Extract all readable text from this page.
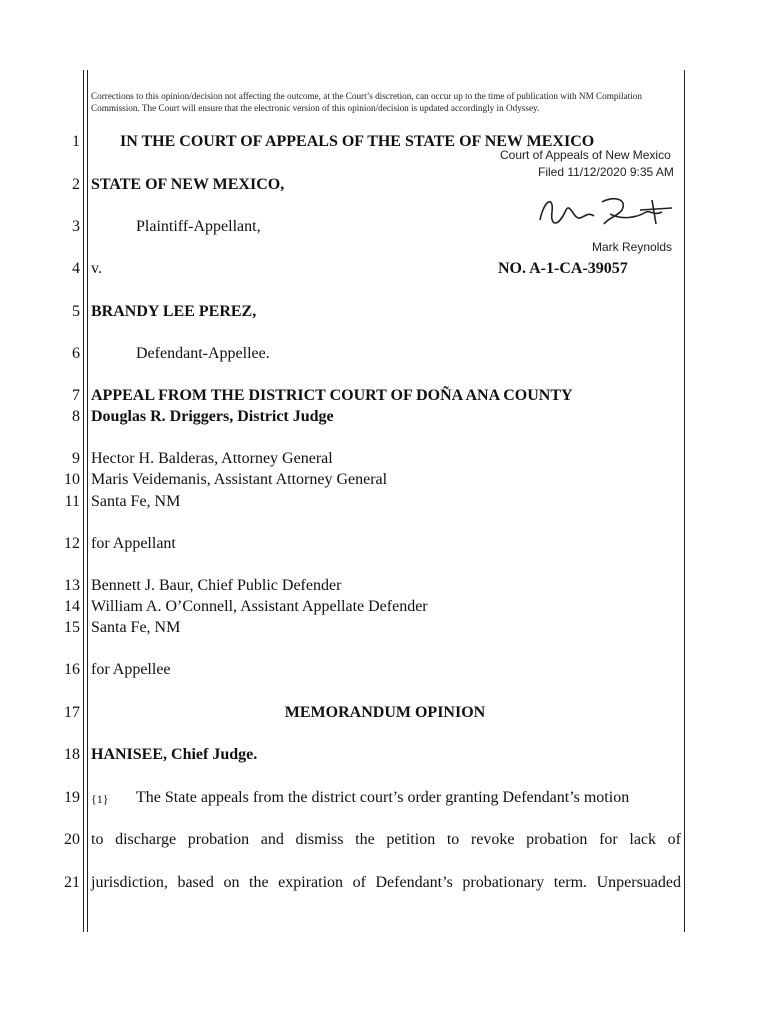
Corrections to this opinion/decision not affecting the outcome, at the Court’s discretion, can occur up to the time of publication with NM Compilation Commission. The Court will ensure that the electronic version of this opinion/decision is updated accordingly in Odyssey.
1
2
3
4
5
6
7
8
9
10
11
12
13
14
15
16
17
18
19
20
21
IN THE COURT OF APPEALS OF THE STATE OF NEW MEXICO
Court of Appeals of New Mexico
Filed 11/12/2020 9:35 AM
Mark Reynolds
STATE OF NEW MEXICO,
Plaintiff-Appellant,
v.	NO. A-1-CA-39057
BRANDY LEE PEREZ,
Defendant-Appellee.
APPEAL FROM THE DISTRICT COURT OF DOÑA ANA COUNTY
Douglas R. Driggers, District Judge
Hector H. Balderas, Attorney General
Maris Veidemanis, Assistant Attorney General
Santa Fe, NM
for Appellant
Bennett J. Baur, Chief Public Defender
William A. O’Connell, Assistant Appellate Defender
Santa Fe, NM
for Appellee
MEMORANDUM OPINION
HANISEE, Chief Judge.
{1} The State appeals from the district court’s order granting Defendant’s motion
to discharge probation and dismiss the petition to revoke probation for lack of
jurisdiction, based on the expiration of Defendant’s probationary term. Unpersuaded
